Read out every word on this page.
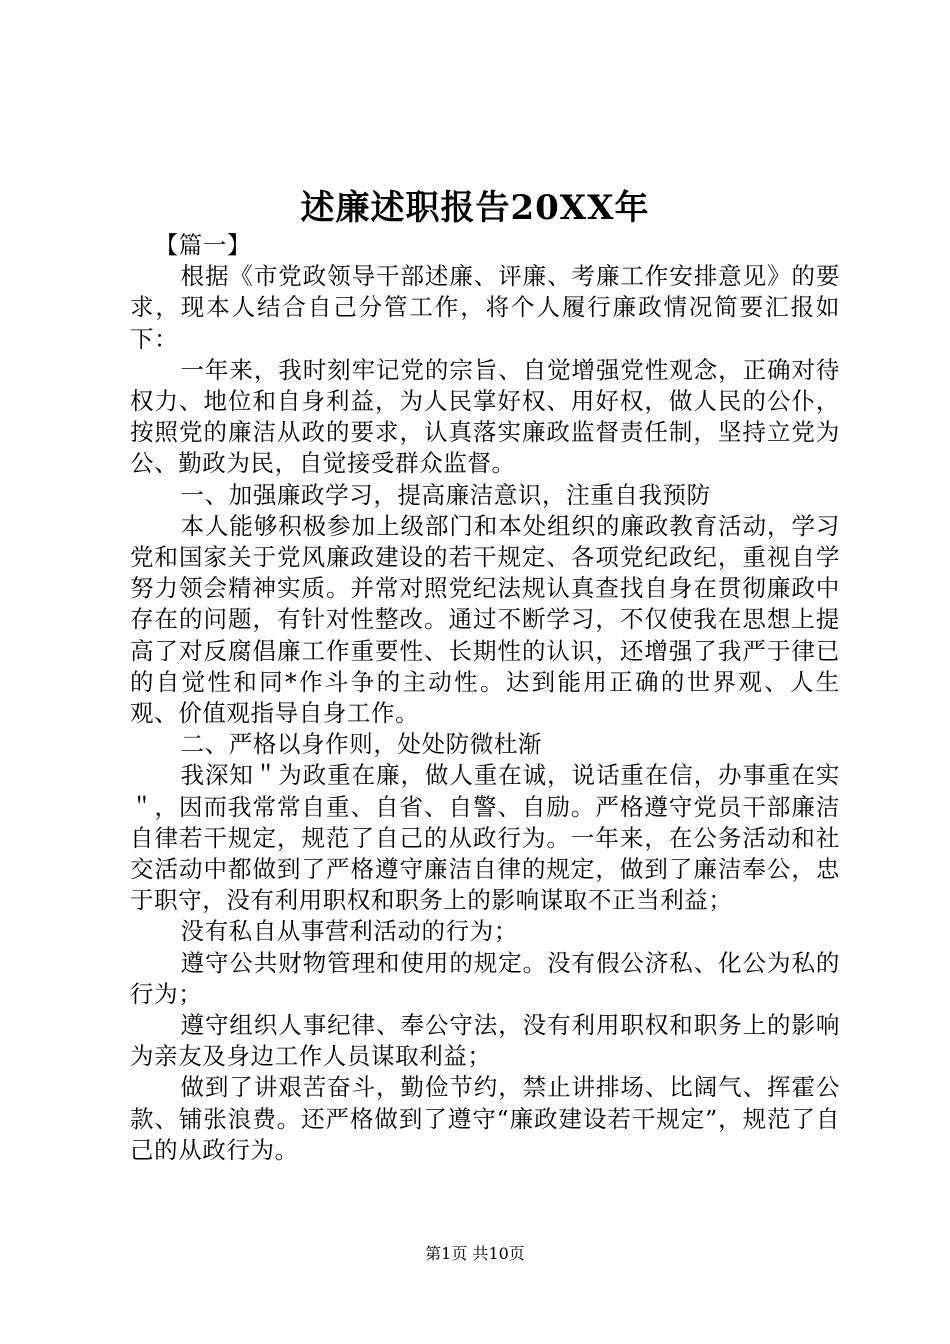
述廉述职报告20XX年

【篇一】

根据《市党政领导干部述廉、评廉、考廉工作安排意见》的要求，现本人结合自己分管工作，将个人履行廉政情况简要汇报如下：

一年来，我时刻牢记党的宗旨、自觉增强党性观念，正确对待权力、地位和自身利益，为人民掌好权、用好权，做人民的公仆，按照党的廉洁从政的要求，认真落实廉政监督责任制，坚持立党为公、勤政为民，自觉接受群众监督。

一、加强廉政学习，提高廉洁意识，注重自我预防

本人能够积极参加上级部门和本处组织的廉政教育活动，学习党和国家关于党风廉政建设的若干规定、各项党纪政纪，重视自学努力领会精神实质。并常对照党纪法规认真查找自身在贯彻廉政中存在的问题，有针对性整改。通过不断学习，不仅使我在思想上提高了对反腐倡廉工作重要性、长期性的认识，还增强了我严于律已的自觉性和同*作斗争的主动性。达到能用正确的世界观、人生观、价值观指导自身工作。

二、严格以身作则，处处防微杜渐

我深知＂为政重在廉，做人重在诚，说话重在信，办事重在实＂，因而我常常自重、自省、自警、自励。严格遵守党员干部廉洁自律若干规定，规范了自己的从政行为。一年来，在公务活动和社交活动中都做到了严格遵守廉洁自律的规定，做到了廉洁奉公，忠于职守，没有利用职权和职务上的影响谋取不正当利益；

没有私自从事营利活动的行为；

遵守公共财物管理和使用的规定。没有假公济私、化公为私的行为；

遵守组织人事纪律、奉公守法，没有利用职权和职务上的影响为亲友及身边工作人员谋取利益；

做到了讲艰苦奋斗，勤俭节约，禁止讲排场、比阔气、挥霍公款、铺张浪费。还严格做到了遵守“廉政建设若干规定”，规范了自己的从政行为。

第1页 共10页
